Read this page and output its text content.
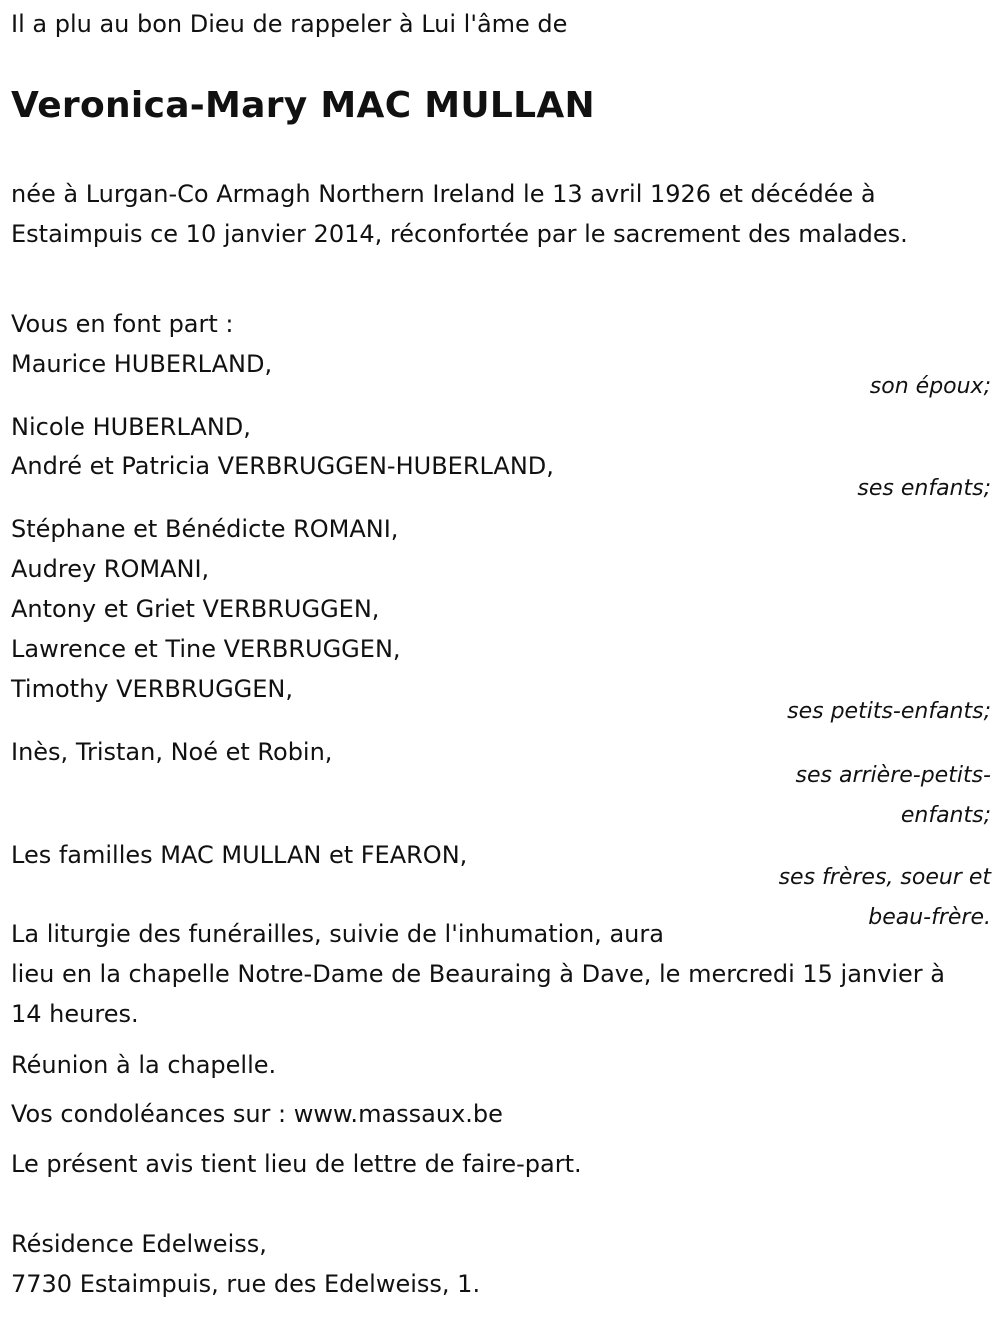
Il a plu au bon Dieu de rappeler à Lui l'âme de
Veronica-Mary MAC MULLAN
née à Lurgan-Co Armagh Northern Ireland le 13 avril 1926 et décédée à Estaimpuis ce 10 janvier 2014, réconfortée par le sacrement des malades.
Vous en font part :
Maurice HUBERLAND,
son époux;
Nicole HUBERLAND,
André et Patricia VERBRUGGEN-HUBERLAND,
ses enfants;
Stéphane et Bénédicte ROMANI,
Audrey ROMANI,
Antony et Griet VERBRUGGEN,
Lawrence et Tine VERBRUGGEN,
Timothy VERBRUGGEN,
ses petits-enfants;
Inès, Tristan, Noé et Robin,
ses arrière-petits-
enfants;
Les familles MAC MULLAN et FEARON,
ses frères, soeur et
beau-frère.
La liturgie des funérailles, suivie de l'inhumation, aura
lieu en la chapelle Notre-Dame de Beauraing à Dave, le mercredi 15 janvier à 14 heures.
Réunion à la chapelle.
Vos condoléances sur : www.massaux.be
Le présent avis tient lieu de lettre de faire-part.
Résidence Edelweiss,
7730 Estaimpuis, rue des Edelweiss, 1.
